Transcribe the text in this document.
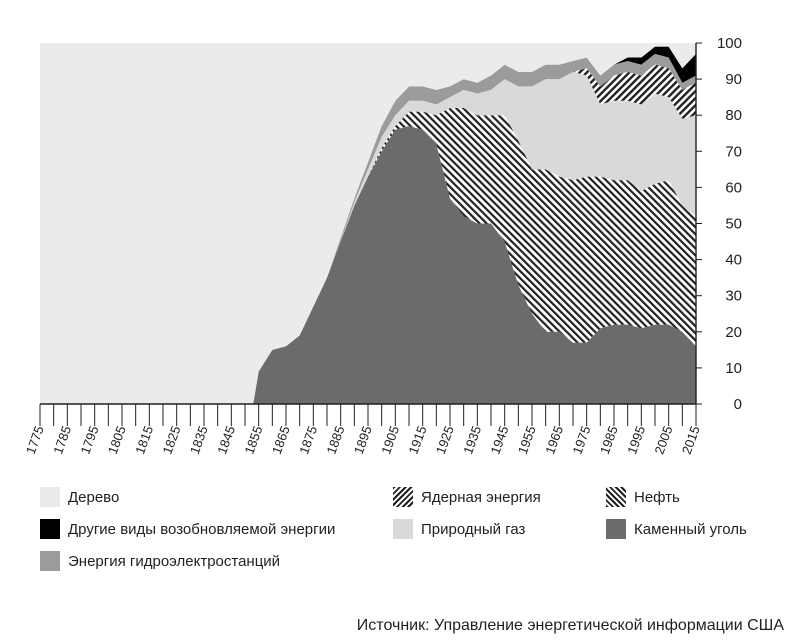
1775 1785 1795 1805 1815 1825 1835 1845 1855 1865 1875 1885 1895 1905 1915 1925 1935 1945 1955 1965 1975 1985 1995 2005 2015
0
10
20
30
40
50
60
70
80
90
100
Дерево	Ядерная энергия	Нефть
Другие виды возобновляемой энергии	Природный газ	Каменный уголь
Энергия гидроэлектростанций
Источник: Управление энергетической информации США
